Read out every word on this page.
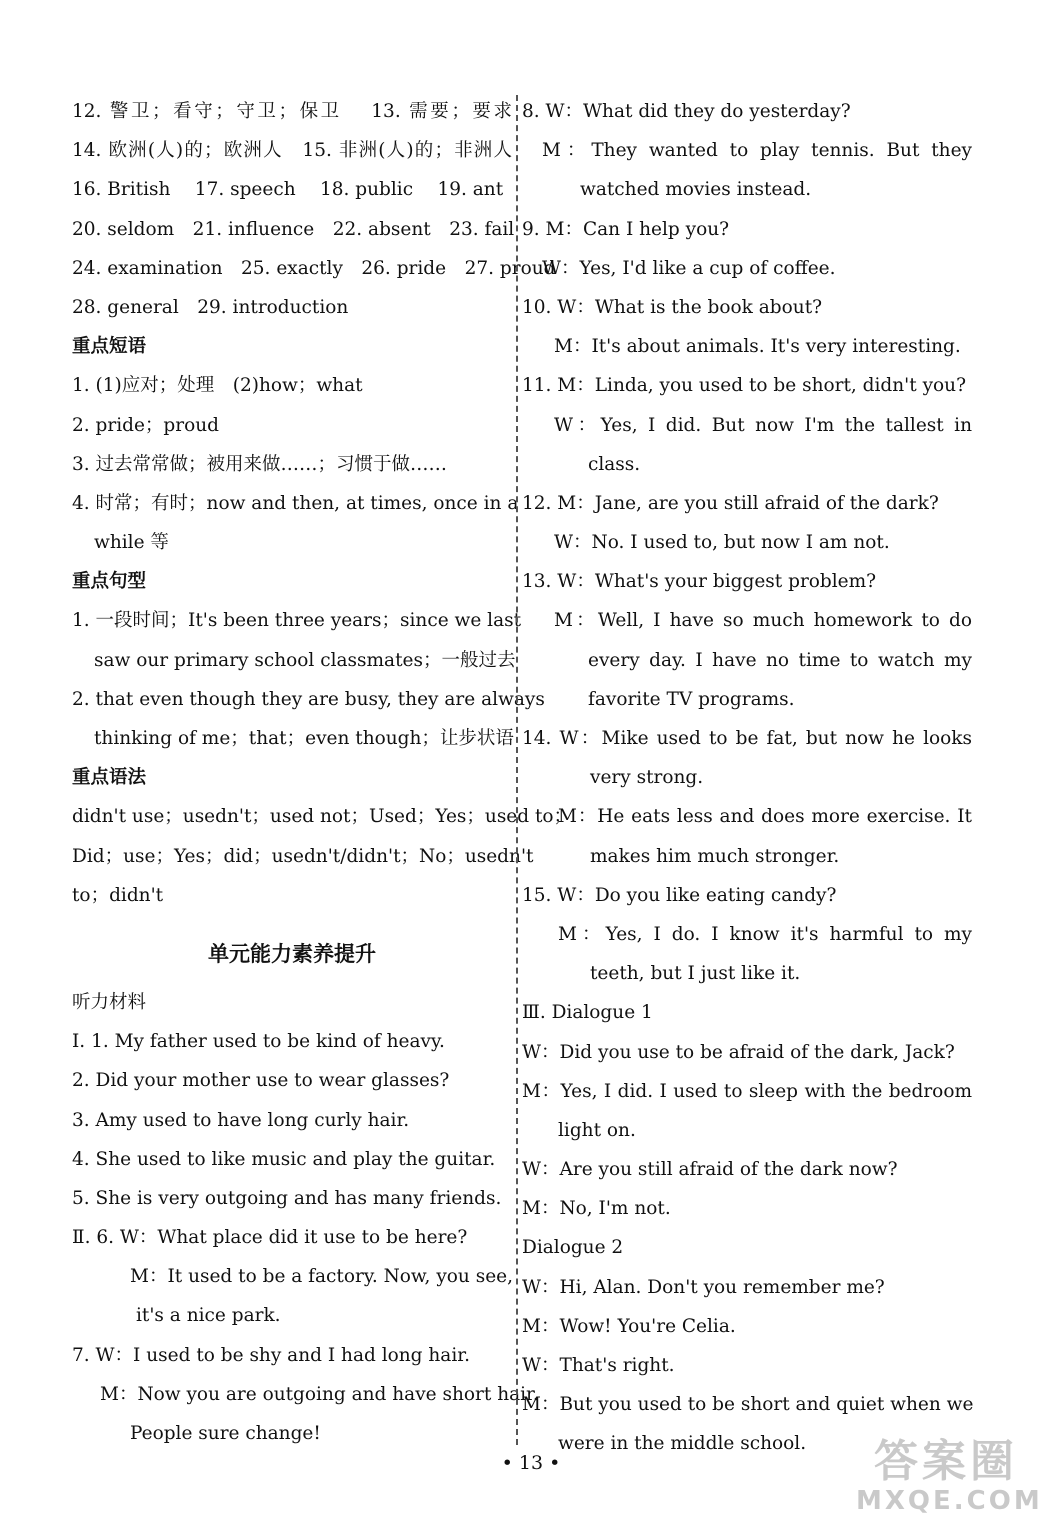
12. 警卫；看守；守卫；保卫　 13. 需要；要求
14. 欧洲(人)的；欧洲人　15. 非洲(人)的；非洲人
16. British　 17. speech　 18. public　 19. ant
20. seldom　21. influence　22. absent　23. fail
24. examination　25. exactly　26. pride　27. proud
28. general　29. introduction
重点短语
1. (1)应对；处理　(2)how；what
2. pride；proud
3. 过去常常做；被用来做……；习惯于做……
4. 时常；有时；now and then, at times, once in a
while 等
重点句型
1. 一段时间；It's been three years；since we last
saw our primary school classmates；一般过去
2. that even though they are busy, they are always
thinking of me；that；even though；让步状语
重点语法
didn't use；usedn't；used not；Used；Yes；used to；
Did；use；Yes；did；usedn't/didn't；No；usedn't
to；didn't
单元能力素养提升
听力材料
Ⅰ. 1. My father used to be kind of heavy.
2. Did your mother use to wear glasses?
3. Amy used to have long curly hair.
4. She used to like music and play the guitar.
5. She is very outgoing and has many friends.
Ⅱ. 6. W：What place did it use to be here?
M：It used to be a factory. Now, you see,
it's a nice park.
7. W：I used to be shy and I had long hair.
M：Now you are outgoing and have short hair.
People sure change!
8. W：What did they do yesterday?
M：They wanted to play tennis. But they
watched movies instead.
9. M：Can I help you?
W：Yes, I'd like a cup of coffee.
10. W：What is the book about?
M：It's about animals. It's very interesting.
11. M：Linda, you used to be short, didn't you?
W：Yes, I did. But now I'm the tallest in
class.
12. M：Jane, are you still afraid of the dark?
W：No. I used to, but now I am not.
13. W：What's your biggest problem?
M：Well, I have so much homework to do
every day. I have no time to watch my
favorite TV programs.
14. W：Mike used to be fat, but now he looks
very strong.
M：He eats less and does more exercise. It
makes him much stronger.
15. W：Do you like eating candy?
M：Yes, I do. I know it's harmful to my
teeth, but I just like it.
Ⅲ. Dialogue 1
W：Did you use to be afraid of the dark, Jack?
M：Yes, I did. I used to sleep with the bedroom
light on.
W：Are you still afraid of the dark now?
M：No, I'm not.
Dialogue 2
W：Hi, Alan. Don't you remember me?
M：Wow! You're Celia.
W：That's right.
M：But you used to be short and quiet when we
were in the middle school.
• 13 •	答案圈
MXQE.COM
